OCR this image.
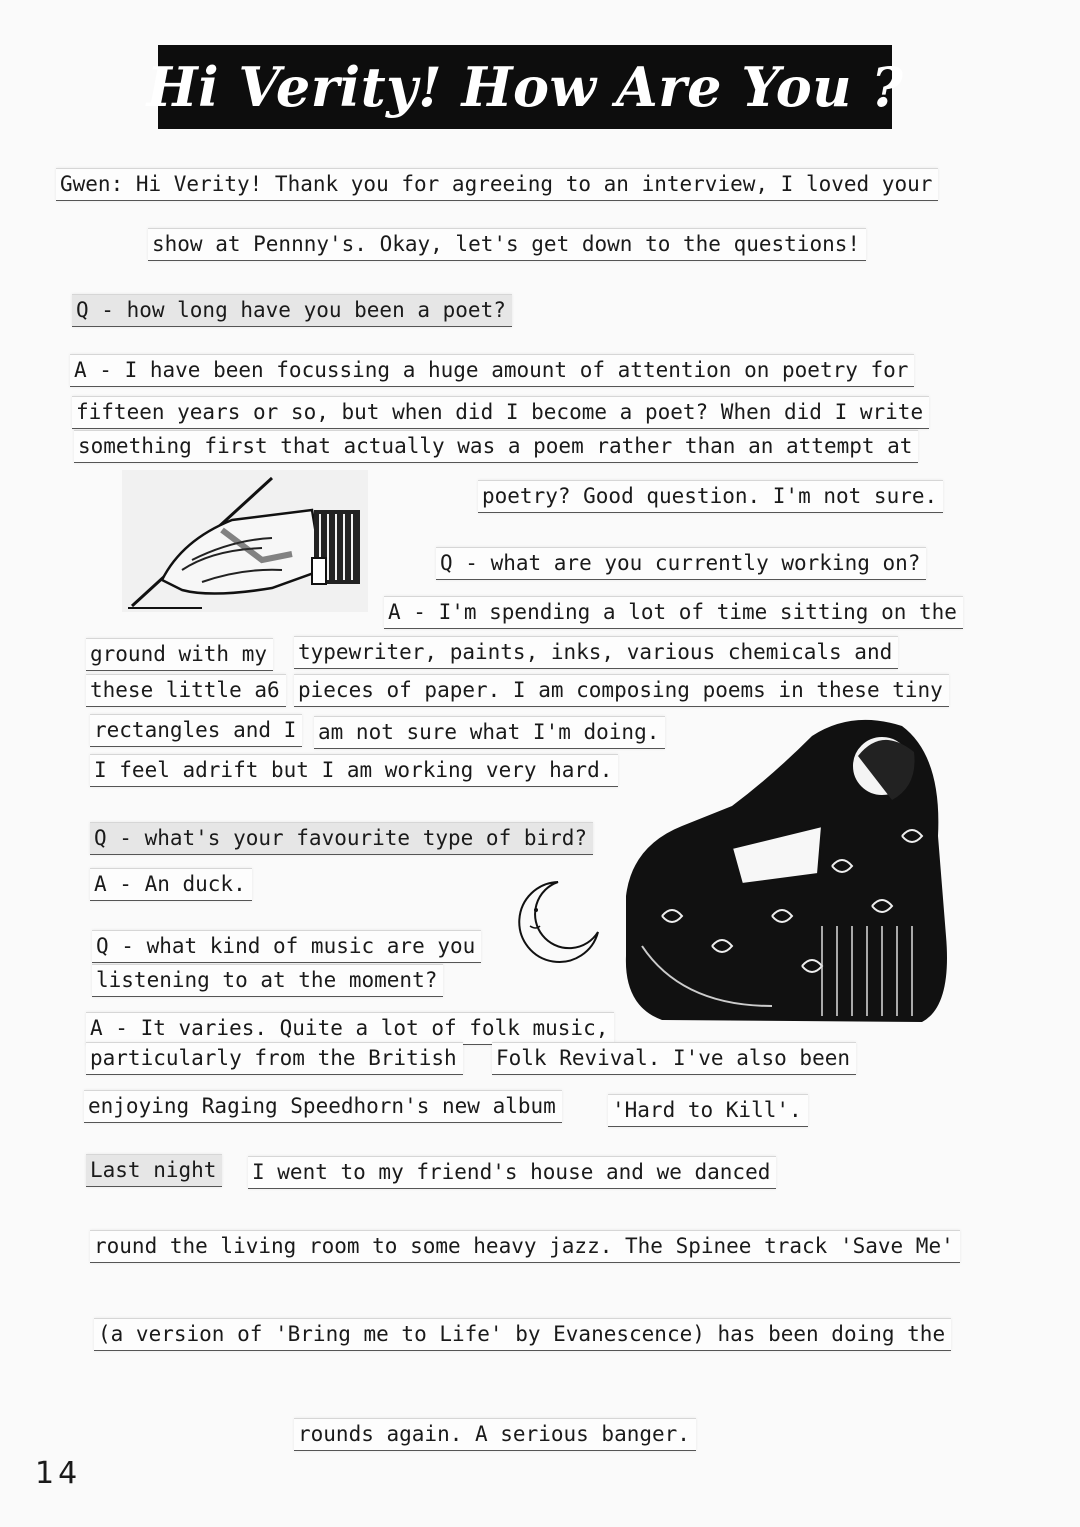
Hi Verity! How Are You ?
Gwen: Hi Verity! Thank you for agreeing to an interview, I loved your
show at Pennny's. Okay, let's get down to the questions!
Q - how long have you been a poet?
A - I have been focussing a huge amount of attention on poetry for
fifteen years or so, but when did I become a poet? When did I write
something first that actually was a poem rather than an attempt at
poetry? Good question. I'm not sure.
Q - what are you currently working on?
A - I'm spending a lot of time sitting on the
ground with my typewriter, paints, inks, various chemicals and
these little a6 pieces of paper. I am composing poems in these tiny
rectangles and I am not sure what I'm doing.
I feel adrift but I am working very hard.
Q - what's your favourite type of bird?
A - An duck.
Q - what kind of music are you
listening to at the moment?
A - It varies. Quite a lot of folk music,
particularly from the British Folk Revival. I've also been
enjoying Raging Speedhorn's new album	'Hard to Kill'.
Last night I went to my friend's house and we danced
round the living room to some heavy jazz. The Spinee track 'Save Me'
(a version of 'Bring me to Life' by Evanescence) has been doing the
rounds again. A serious banger.
14
